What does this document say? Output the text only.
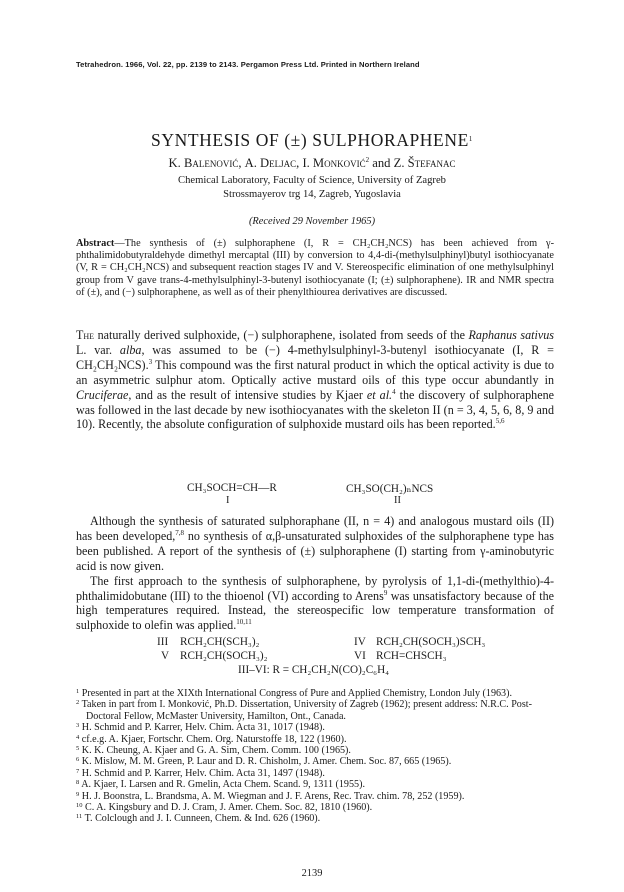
Tetrahedron. 1966, Vol. 22, pp. 2139 to 2143. Pergamon Press Ltd. Printed in Northern Ireland
SYNTHESIS OF (±) SULPHORAPHENE$^1$
K. Balenović, A. Deljac, I. Monković$^2$ and Z. Štefanac
Chemical Laboratory, Faculty of Science, University of Zagreb
Strossmayerov trg 14, Zagreb, Yugoslavia
(Received 29 November 1965)
Abstract—The synthesis of (±) sulphoraphene (I, R = CH₂CH₂NCS) has been achieved from γ-phthalimidobutyraldehyde dimethyl mercaptal (III) by conversion to 4,4-di-(methylsulphinyl)butyl isothiocyanate (V, R = CH₂CH₂NCS) and subsequent reaction stages IV and V. Stereospecific elimination of one methylsulphinyl group from V gave trans-4-methylsulphinyl-3-butenyl isothiocyanate (I; (±) sulphoraphene). IR and NMR spectra of (±), and (−) sulphoraphene, as well as of their phenylthiourea derivatives are discussed.

The naturally derived sulphoxide, (−) sulphoraphene, isolated from seeds of the Raphanus sativus L. var. alba, was assumed to be (−) 4-methylsulphinyl-3-butenyl isothiocyanate (I, R = CH₂CH₂NCS).$^3$ This compound was the first natural product in which the optical activity is due to an asymmetric sulphur atom. Optically active mustard oils of this type occur abundantly in Cruciferae, and as the result of intensive studies by Kjaer et al.$^4$ the discovery of sulphoraphene was followed in the last decade by new isothiocyanates with the skeleton II (n = 3, 4, 5, 6, 8, 9 and 10). Recently, the absolute configuration of sulphoxide mustard oils has been reported.$^{5,6}$

CH₃SOCH=CH—R	CH₃SO(CH₂)ₙNCS
I	II

Although the synthesis of saturated sulphoraphane (II, n = 4) and analogous mustard oils (II) has been developed,$^{7,8}$ no synthesis of α,β-unsaturated sulphoxides of the sulphoraphene type has been published. A report of the synthesis of (±) sulphoraphene (I) starting from γ-aminobutyric acid is now given.

The first approach to the synthesis of sulphoraphene, by pyrolysis of 1,1-di-(methylthio)-4-phthalimidobutane (III) to the thioenol (VI) according to Arens$^9$ was unsatisfactory because of the high temperatures required. Instead, the stereospecific low temperature transformation of sulphoxide to olefin was applied.$^{10,11}$

III RCH₂CH(SCH₃)₂	IV RCH₂CH(SOCH₃)SCH₃
V RCH₂CH(SOCH₃)₂	VI RCH=CHSCH₃
III–VI: R = CH₂CH₂N(CO)₂C₆H₄

$^1$ Presented in part at the XIXth International Congress of Pure and Applied Chemistry, London July (1963).

$^2$ Taken in part from I. Monković, Ph.D. Dissertation, University of Zagreb (1962); present address: N.R.C. Post-Doctoral Fellow, McMaster University, Hamilton, Ont., Canada.

$^3$ H. Schmid and P. Karrer, Helv. Chim. Acta 31, 1017 (1948).

$^4$ cf.e.g. A. Kjaer, Fortschr. Chem. Org. Naturstoffe 18, 122 (1960).

$^5$ K. K. Cheung, A. Kjaer and G. A. Sim, Chem. Comm. 100 (1965).

$^6$ K. Mislow, M. M. Green, P. Laur and D. R. Chisholm, J. Amer. Chem. Soc. 87, 665 (1965).

$^7$ H. Schmid and P. Karrer, Helv. Chim. Acta 31, 1497 (1948).

$^8$ A. Kjaer, I. Larsen and R. Gmelin, Acta Chem. Scand. 9, 1311 (1955).

$^9$ H. J. Boonstra, L. Brandsma, A. M. Wiegman and J. F. Arens, Rec. Trav. chim. 78, 252 (1959).

$^{10}$ C. A. Kingsbury and D. J. Cram, J. Amer. Chem. Soc. 82, 1810 (1960).

$^{11}$ T. Colclough and J. I. Cunneen, Chem. & Ind. 626 (1960).

2139
